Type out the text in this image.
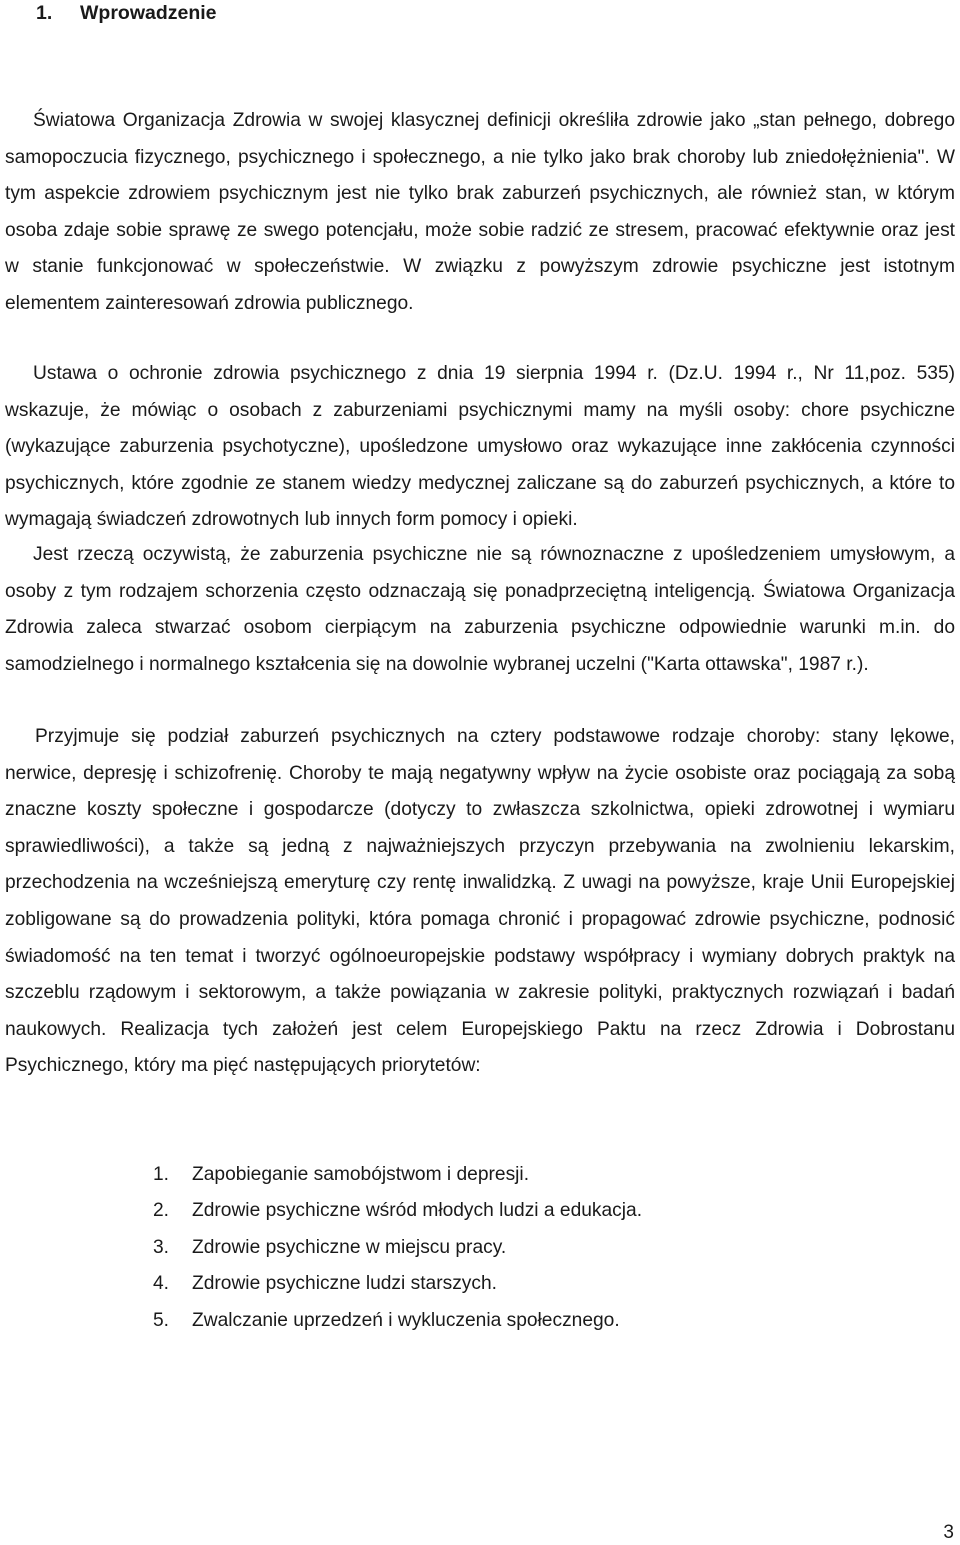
1. Wprowadzenie

Światowa Organizacja Zdrowia w swojej klasycznej definicji określiła zdrowie jako „stan pełnego, dobrego samopoczucia fizycznego, psychicznego i społecznego, a nie tylko jako brak choroby lub zniedołężnienia". W tym aspekcie zdrowiem psychicznym jest nie tylko brak zaburzeń psychicznych, ale również stan, w którym osoba zdaje sobie sprawę ze swego potencjału, może sobie radzić ze stresem, pracować efektywnie oraz jest w stanie funkcjonować w społeczeństwie. W związku z powyższym zdrowie psychiczne jest istotnym elementem zainteresowań zdrowia publicznego.

Ustawa o ochronie zdrowia psychicznego z dnia 19 sierpnia 1994 r. (Dz.U. 1994 r., Nr 11,poz. 535) wskazuje, że mówiąc o osobach z zaburzeniami psychicznymi mamy na myśli osoby: chore psychiczne (wykazujące zaburzenia psychotyczne), upośledzone umysłowo oraz wykazujące inne zakłócenia czynności psychicznych, które zgodnie ze stanem wiedzy medycznej zaliczane są do zaburzeń psychicznych, a które to wymagają świadczeń zdrowotnych lub innych form pomocy i opieki.

Jest rzeczą oczywistą, że zaburzenia psychiczne nie są równoznaczne z upośledzeniem umysłowym, a osoby z tym rodzajem schorzenia często odznaczają się ponadprzeciętną inteligencją. Światowa Organizacja Zdrowia zaleca stwarzać osobom cierpiącym na zaburzenia psychiczne odpowiednie warunki m.in. do samodzielnego i normalnego kształcenia się na dowolnie wybranej uczelni ("Karta ottawska", 1987 r.).

Przyjmuje się podział zaburzeń psychicznych na cztery podstawowe rodzaje choroby: stany lękowe, nerwice, depresję i schizofrenię. Choroby te mają negatywny wpływ na życie osobiste oraz pociągają za sobą znaczne koszty społeczne i gospodarcze (dotyczy to zwłaszcza szkolnictwa, opieki zdrowotnej i wymiaru sprawiedliwości), a także są jedną z najważniejszych przyczyn przebywania na zwolnieniu lekarskim, przechodzenia na wcześniejszą emeryturę czy rentę inwalidzką. Z uwagi na powyższe, kraje Unii Europejskiej zobligowane są do prowadzenia polityki, która pomaga chronić i propagować zdrowie psychiczne, podnosić świadomość na ten temat i tworzyć ogólnoeuropejskie podstawy współpracy i wymiany dobrych praktyk na szczeblu rządowym i sektorowym, a także powiązania w zakresie polityki, praktycznych rozwiązań i badań naukowych. Realizacja tych założeń jest celem Europejskiego Paktu na rzecz Zdrowia i Dobrostanu Psychicznego, który ma pięć następujących priorytetów:

1. Zapobieganie samobójstwom i depresji.
2. Zdrowie psychiczne wśród młodych ludzi a edukacja.
3. Zdrowie psychiczne w miejscu pracy.
4. Zdrowie psychiczne ludzi starszych.
5. Zwalczanie uprzedzeń i wykluczenia społecznego.
3
